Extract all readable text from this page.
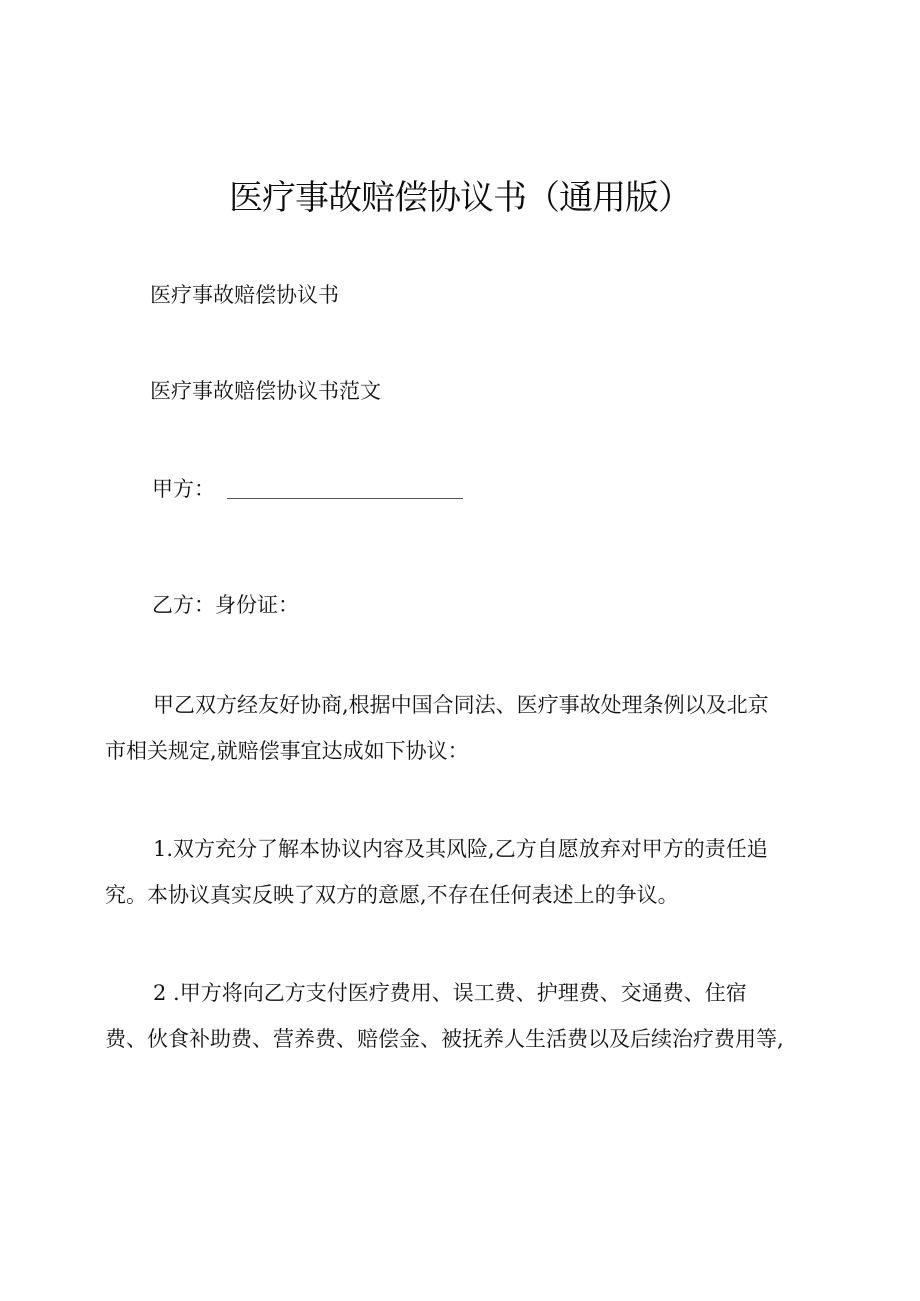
医疗事故赔偿协议书（通用版）
医疗事故赔偿协议书
医疗事故赔偿协议书范文
甲方：
乙方：身份证：
甲乙双方经友好协商,根据中国合同法、医疗事故处理条例以及北京
市相关规定,就赔偿事宜达成如下协议：
1.双方充分了解本协议内容及其风险,乙方自愿放弃对甲方的责任追
究。本协议真实反映了双方的意愿,不存在任何表述上的争议。
2 .甲方将向乙方支付医疗费用、误工费、护理费、交通费、住宿
费、伙食补助费、营养费、赔偿金、被抚养人生活费以及后续治疗费用等,
